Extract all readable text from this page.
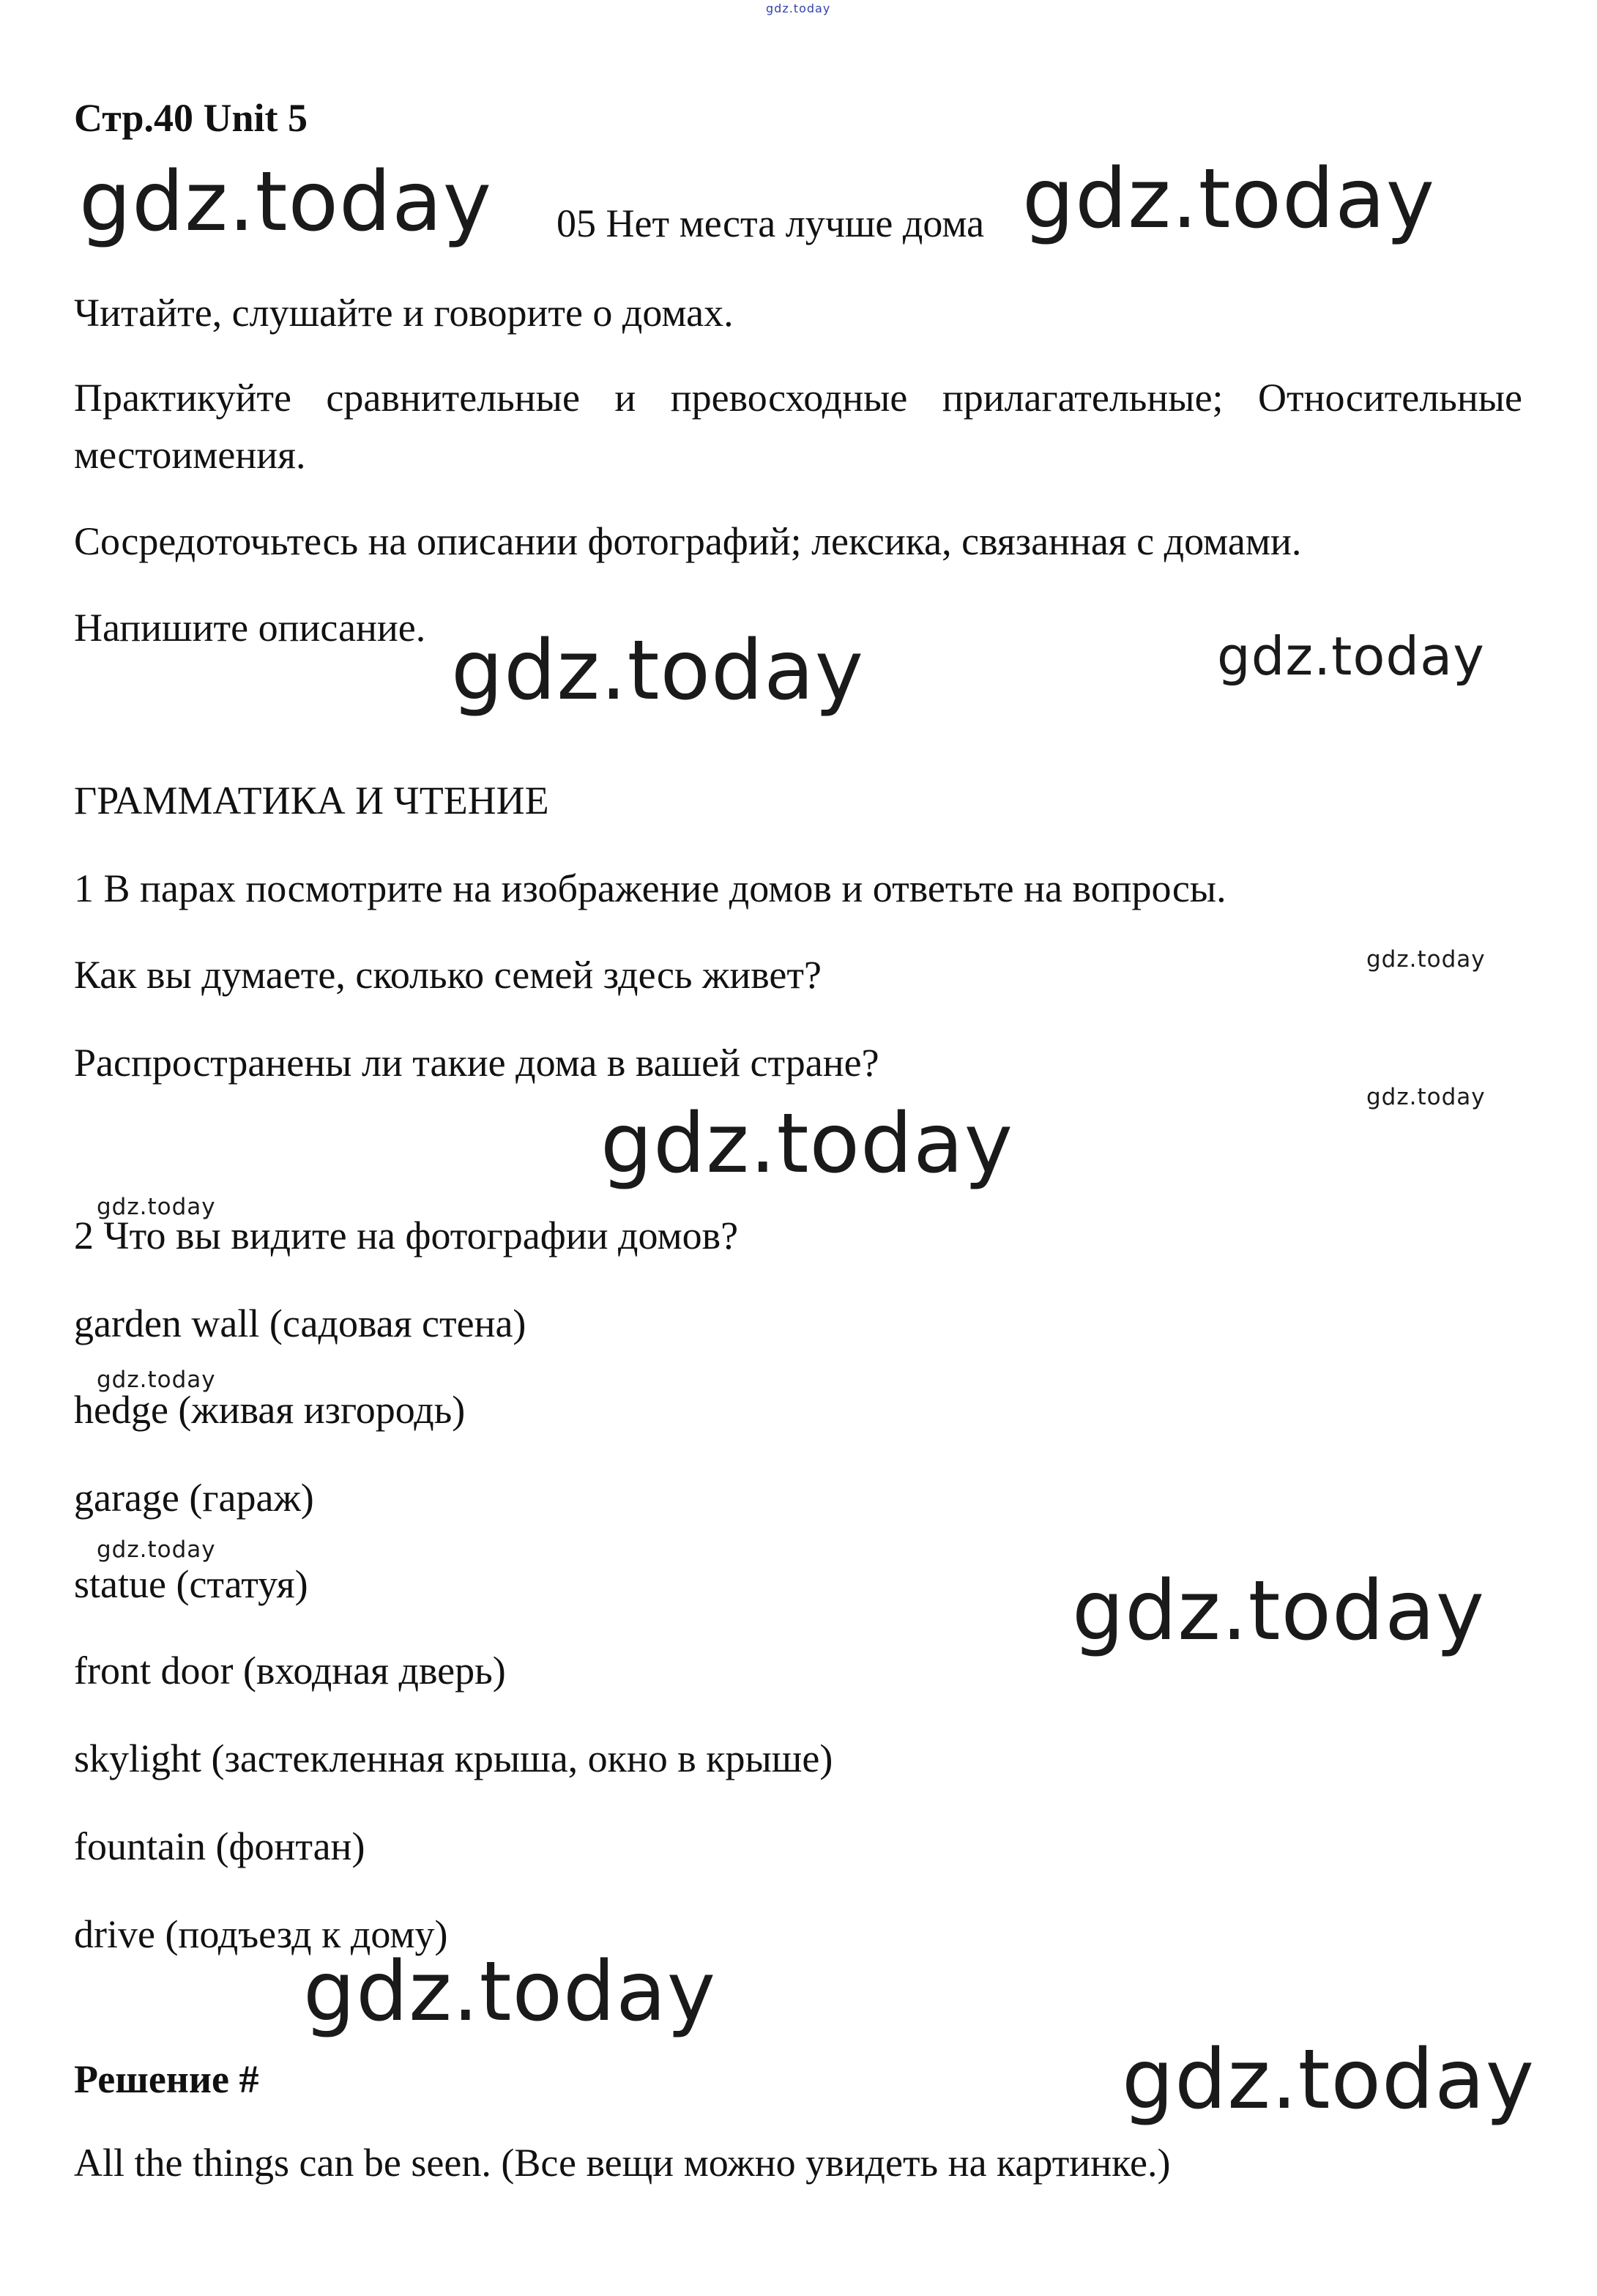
gdz.today
Стр.40 Unit 5
gdz.today 05 Нет места лучше дома gdz.today
Читайте, слушайте и говорите о домах.
Практикуйте сравнительные и превосходные прилагательные; Относительные местоимения.
Сосредоточьтесь на описании фотографий; лексика, связанная с домами.
Напишите описание. gdz.today	gdz.today
ГРАММАТИКА И ЧТЕНИЕ
1 В парах посмотрите на изображение домов и ответьте на вопросы.
Как вы думаете, сколько семей здесь живет?	gdz.today
Распространены ли такие дома в вашей стране?
gdz.today
gdz.today
gdz.today
2 Что вы видите на фотографии домов?
garden wall (садовая стена)
gdz.today
hedge (живая изгородь)
garage (гараж)
gdz.today
statue (статуя)	gdz.today
front door (входная дверь)
skylight (застекленная крыша, окно в крыше)
fountain (фонтан)
drive (подъезд к дому)
gdz.today
Решение #	gdz.today
All the things can be seen. (Все вещи можно увидеть на картинке.)
